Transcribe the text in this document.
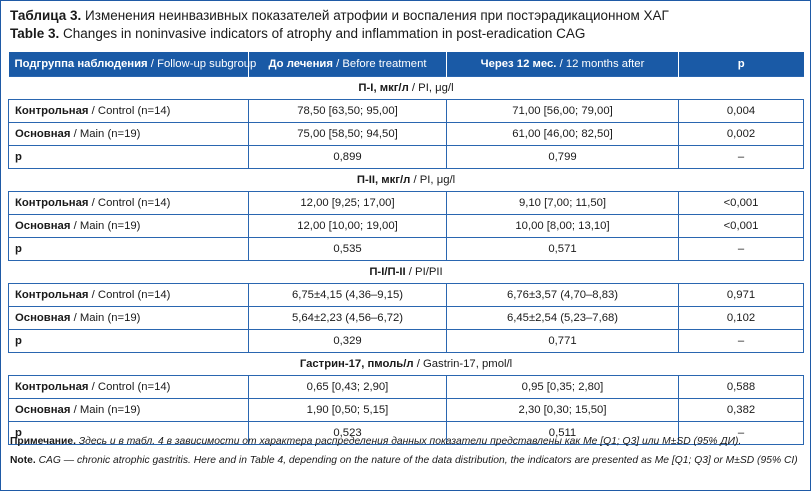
Таблица 3. Изменения неинвазивных показателей атрофии и воспаления при постэрадикационном ХАГ
Table 3. Changes in noninvasive indicators of atrophy and inflammation in post-eradication CAG
Подгруппа наблюдения / Follow-up subgroup	До лечения / Before treatment	Через 12 мес. / 12 months after	p
П-I, мкг/л / PI, μg/l			
Контрольная / Control (n=14)	78,50 [63,50; 95,00]	71,00 [56,00; 79,00]	0,004
Основная / Main (n=19)	75,00 [58,50; 94,50]	61,00 [46,00; 82,50]	0,002
p	0,899	0,799	–
П-II, мкг/л / PI, μg/l			
Контрольная / Control (n=14)	12,00 [9,25; 17,00]	9,10 [7,00; 11,50]	<0,001
Основная / Main (n=19)	12,00 [10,00; 19,00]	10,00 [8,00; 13,10]	<0,001
p	0,535	0,571	–
П-I/П-II / PI/PII			
Контрольная / Control (n=14)	6,75±4,15 (4,36–9,15)	6,76±3,57 (4,70–8,83)	0,971
Основная / Main (n=19)	5,64±2,23 (4,56–6,72)	6,45±2,54 (5,23–7,68)	0,102
p	0,329	0,771	–
Гастрин-17, пмоль/л / Gastrin-17, pmol/l			
Контрольная / Control (n=14)	0,65 [0,43; 2,90]	0,95 [0,35; 2,80]	0,588
Основная / Main (n=19)	1,90 [0,50; 5,15]	2,30 [0,30; 15,50]	0,382
p	0,523	0,511	–

Примечание. Здесь и в табл. 4 в зависимости от характера распределения данных показатели представлены как Me [Q1; Q3] или M±SD (95% ДИ).

Note. CAG — chronic atrophic gastritis. Here and in Table 4, depending on the nature of the data distribution, the indicators are presented as Me [Q1; Q3] or M±SD (95% CI)
